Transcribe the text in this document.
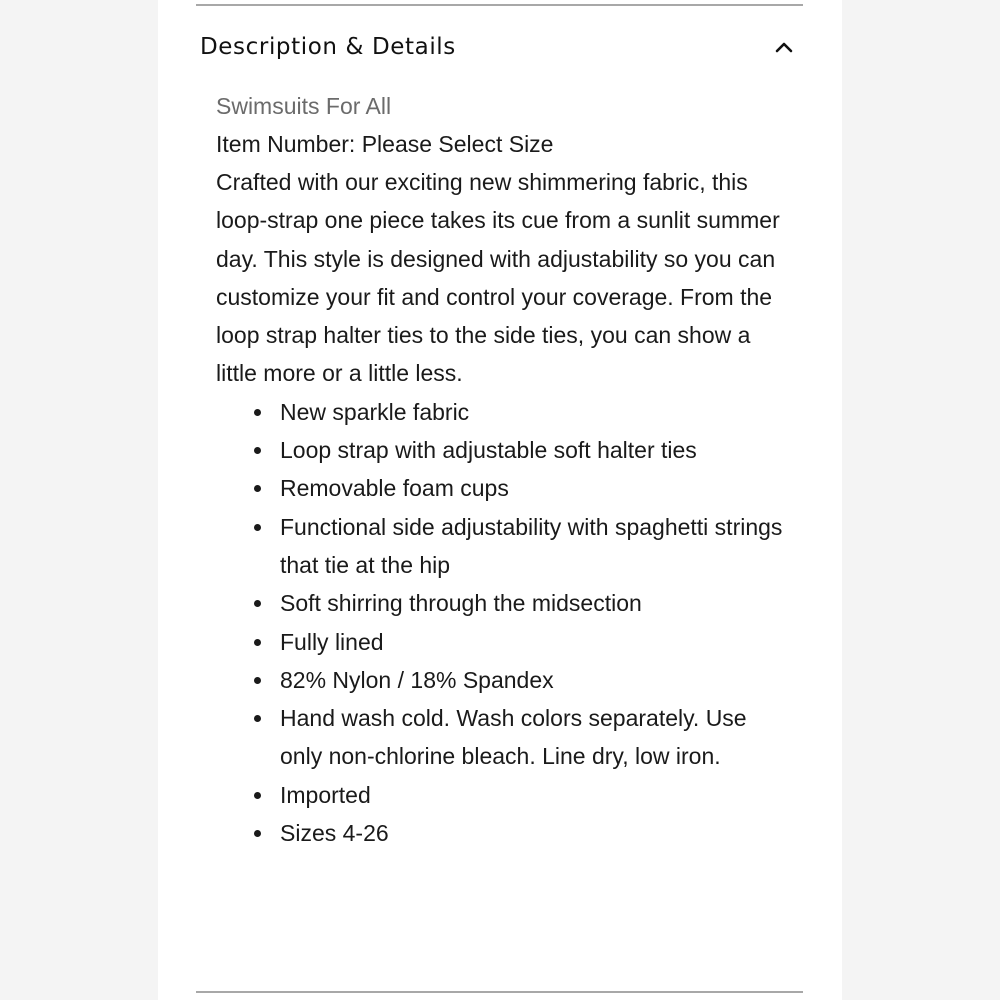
Description & Details

Swimsuits For All

Item Number: Please Select Size

Crafted with our exciting new shimmering fabric, this loop-strap one piece takes its cue from a sunlit summer day. This style is designed with adjustability so you can customize your fit and control your coverage. From the loop strap halter ties to the side ties, you can show a little more or a little less.

New sparkle fabric
Loop strap with adjustable soft halter ties
Removable foam cups
Functional side adjustability with spaghetti strings that tie at the hip
Soft shirring through the midsection
Fully lined
82% Nylon / 18% Spandex
Hand wash cold. Wash colors separately. Use only non-chlorine bleach. Line dry, low iron.
Imported
Sizes 4-26
